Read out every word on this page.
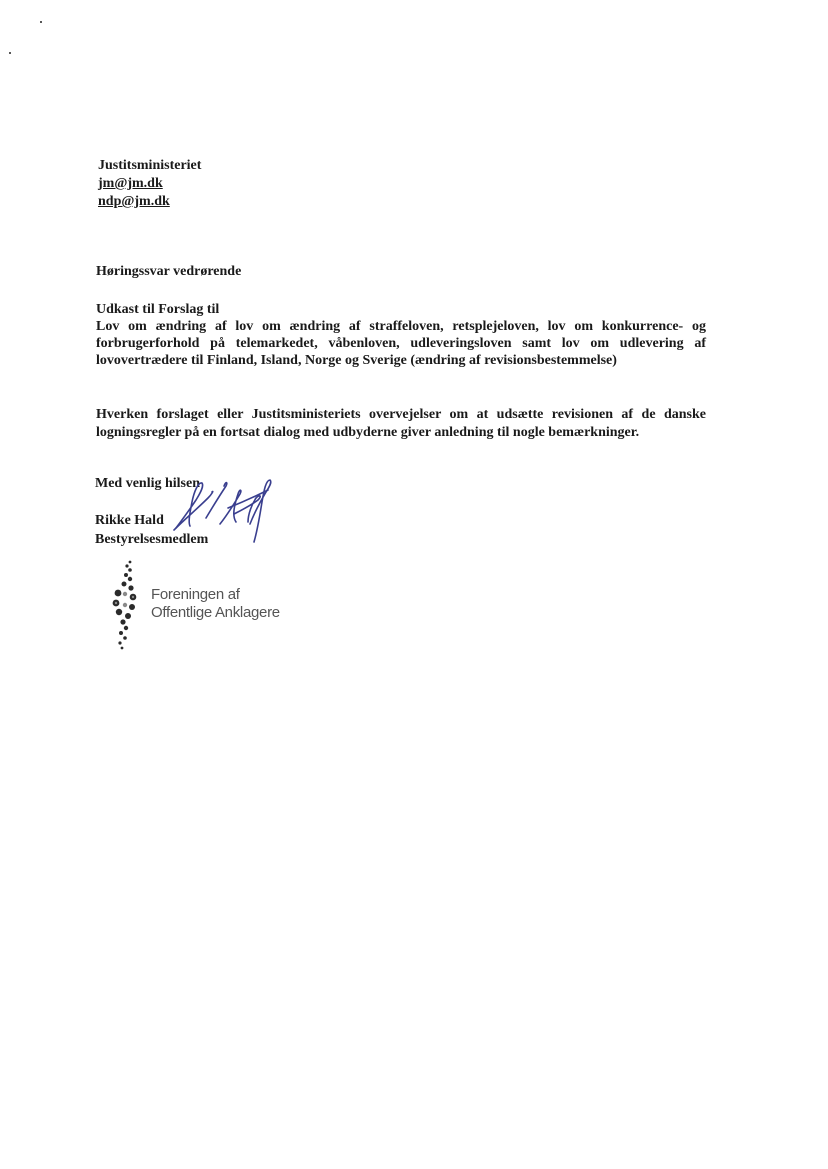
Justitsministeriet
jm@jm.dk
ndp@jm.dk
Høringssvar vedrørende
Udkast til Forslag til
Lov om ændring af lov om ændring af straffeloven, retsplejeloven, lov om konkurrence- og forbrugerforhold på telemarkedet, våbenloven, udleveringsloven samt lov om udlevering af lovovertrædere til Finland, Island, Norge og Sverige (ændring af revisionsbestemmelse)
Hverken forslaget eller Justitsministeriets overvejelser om at udsætte revisionen af de danske logningsregler på en fortsat dialog med udbyderne giver anledning til nogle bemærkninger.
Med venlig hilsen
Rikke Hald
Bestyrelsesmedlem
Foreningen af
Offentlige Anklagere
